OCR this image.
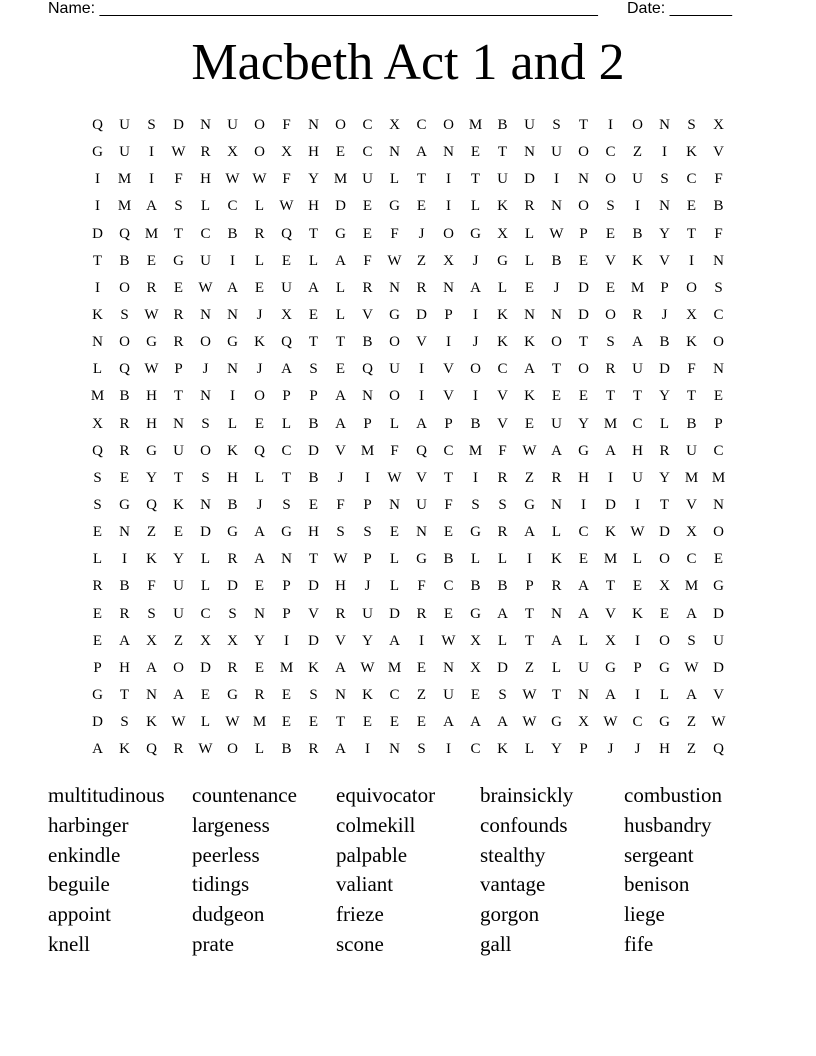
Name: ________________________________________________________ Date: _______
Macbeth Act 1 and 2
Q	U	S	D	N	U	O	F	N	O	C	X	C	O M	B	U	S	T	I	O	N	S	X
G	U	I	W R	X	O	X	H	E	C	N	A	N	E	T	N	U	O	C	Z	I	K	V
I	M	I	F	H W W	F	Y M U	L	T	I	T	U	D	I	N	O	U	S	C	F
I	M A	S	L	C	L	W H	D	E	G	E	I	L	K	R	N	O	S	I	N	E	B
D	Q M	T	C	B	R	Q	T	G	E	F	J	O	G	X	L	W	P	E	B	Y	T	F
T	B	E	G	U	I	L	E	L	A	F	W	Z	X	J	G	L	B	E	V	K	V	I	N
I	O	R	E	W A	E	U	A	L	R	N	R	N	A	L	E	J	D	E	M	P	O	S
K	S	W R	N	N	J	X	E	L	V	G	D	P	I	K	N	N	D	O	R	J	X	C
N	O	G	R	O	G	K	Q	T	T	B	O	V	I	J	K	K	O	T	S	A	B	K	O
L	Q W	P	J	N	J	A	S	E	Q	U	I	V	O	C	A	T	O	R	U	D	F	N
M	B	H	T	N	I	O	P	P	A	N	O	I	V	I	V	K	E	E	T	T	Y	T	E
X	R	H	N	S	L	E	L	B	A	P	L	A	P	B	V	E	U	Y M	C	L	B	P
Q	R	G	U	O	K	Q	C	D	V M	F	Q	C	M	F	W A	G	A	H	R	U	C
S	E	Y	T	S	H	L	T	B	J	I	W V	T	I	R	Z	R	H	I	U	Y M M
S	G	Q	K	N	B	J	S	E	F	P	N	U	F	S	S	G	N	I	D	I	T	V	N
E	N	Z	E	D	G	A	G	H	S	S	E	N	E	G	R	A	L	C	K W D	X	O
L	I	K	Y	L	R	A	N	T	W	P	L	G	B	L	L	I	K	E	M	L	O	C	E
R	B	F	U	L	D	E	P	D	H	J	L	F	C	B	B	P	R	A	T	E	X M G
E	R	S	U	C	S	N	P	V	R	U	D	R	E	G	A	T	N	A	V	K	E	A	D
E	A	X	Z	X	X	Y	I	D	V	Y	A	I	W X	L	T	A	L	X	I	O	S	U
P	H	A	O	D	R	E	M K	A W M	E	N	X	D	Z	L	U	G	P	G W D
G	T	N	A	E	G	R	E	S	N	K	C	Z	U	E	S	W	T	N	A	I	L	A	V
D	S	K W	L	W M	E	E	T	E	E	E	A	A	A W G	X W C	G	Z	W
A	K	Q	R W O	L	B	R	A	I	N	S	I	C	K	L	Y	P	J	J	H	Z	Q
multitudinous	countenance	equivocator	brainsickly	combustion
harbinger	largeness	colmekill	confounds	husbandry
enkindle	peerless	palpable	stealthy	sergeant
beguile	tidings	valiant	vantage	benison
appoint	dudgeon	frieze	gorgon	liege
knell	prate	scone	gall	fife
